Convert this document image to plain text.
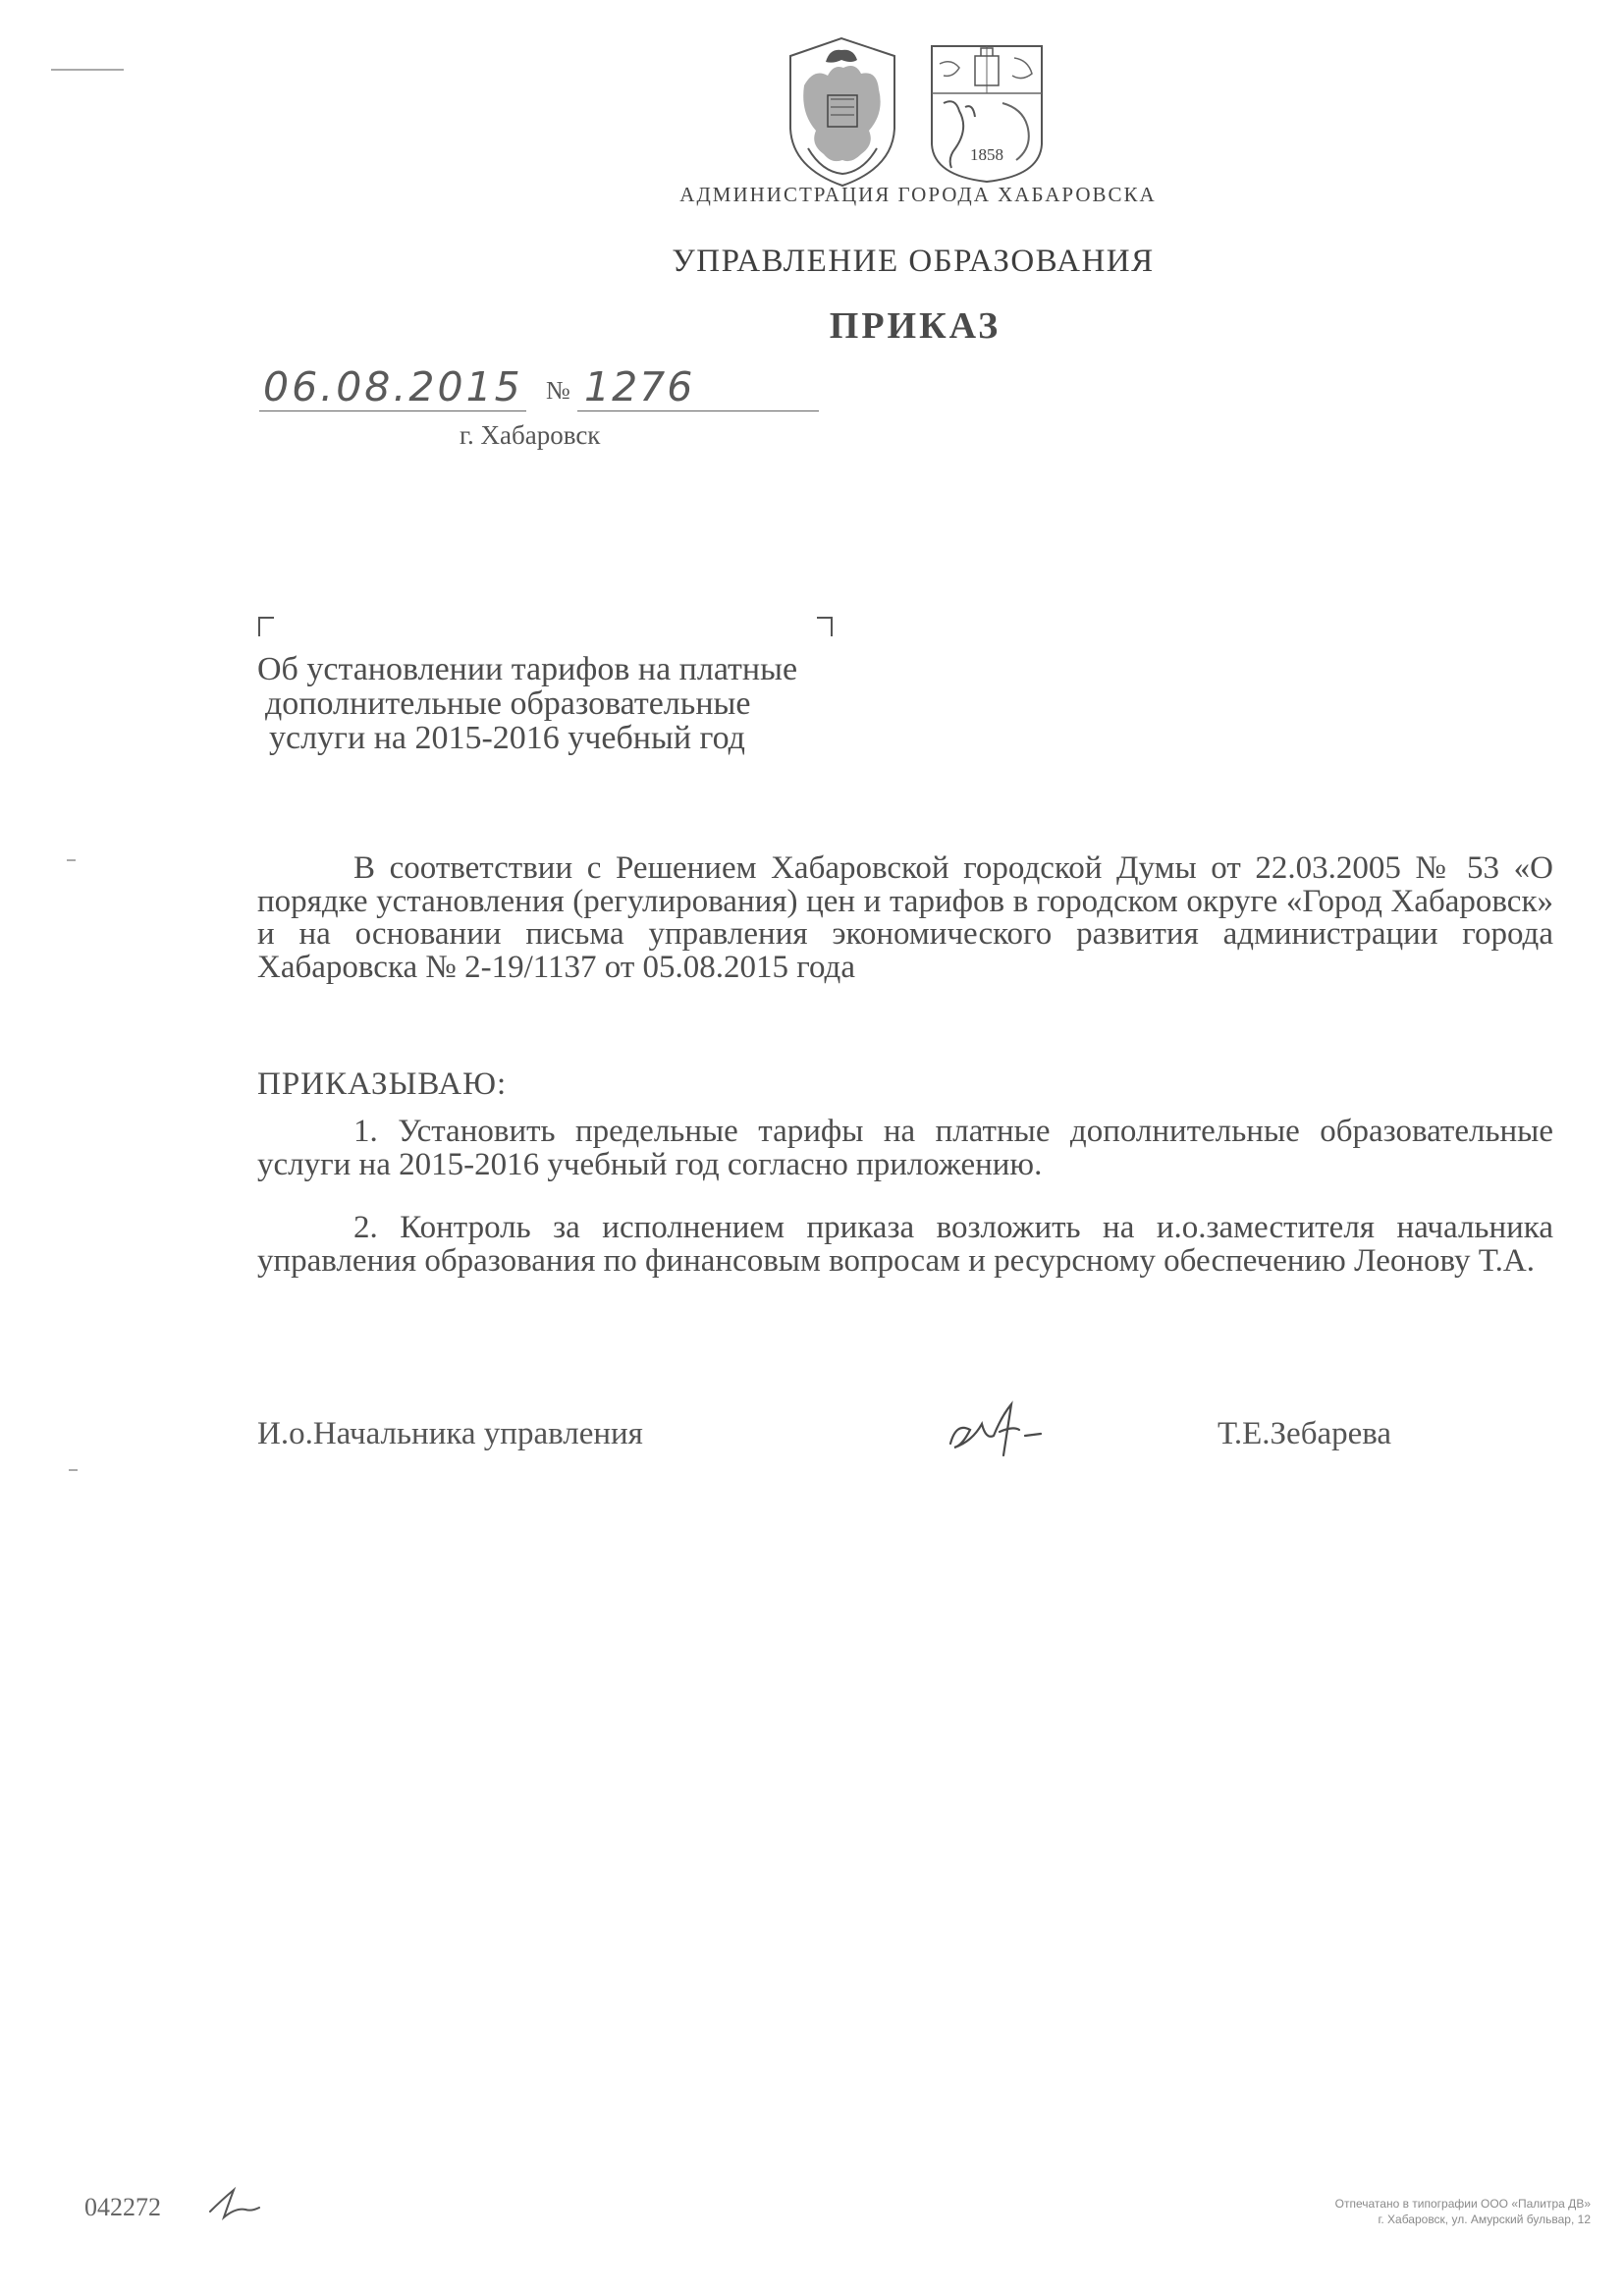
1858
АДМИНИСТРАЦИЯ ГОРОДА ХАБАРОВСКА
УПРАВЛЕНИЕ ОБРАЗОВАНИЯ
ПРИКАЗ
06.08.2015 № 1276
г. Хабаровск
Об установлении тарифов на платные
дополнительные образовательные
услуги на 2015-2016 учебный год
В соответствии с Решением Хабаровской городской Думы от 22.03.2005 № 53 «О порядке установления (регулирования) цен и тарифов в городском округе «Город Хабаровск» и на основании письма управления экономического развития администрации города Хабаровска № 2-19/1137 от 05.08.2015 года
ПРИКАЗЫВАЮ:
1. Установить предельные тарифы на платные дополнительные образовательные услуги на 2015-2016 учебный год согласно приложению.
2. Контроль за исполнением приказа возложить на и.о.заместителя начальника управления образования по финансовым вопросам и ресурсному обеспечению Леонову Т.А.
И.о.Начальника управления	Т.Е.Зебарева
042272	Отпечатано в типографии ООО «Палитра ДВ»
г. Хабаровск, ул. Амурский бульвар, 12
